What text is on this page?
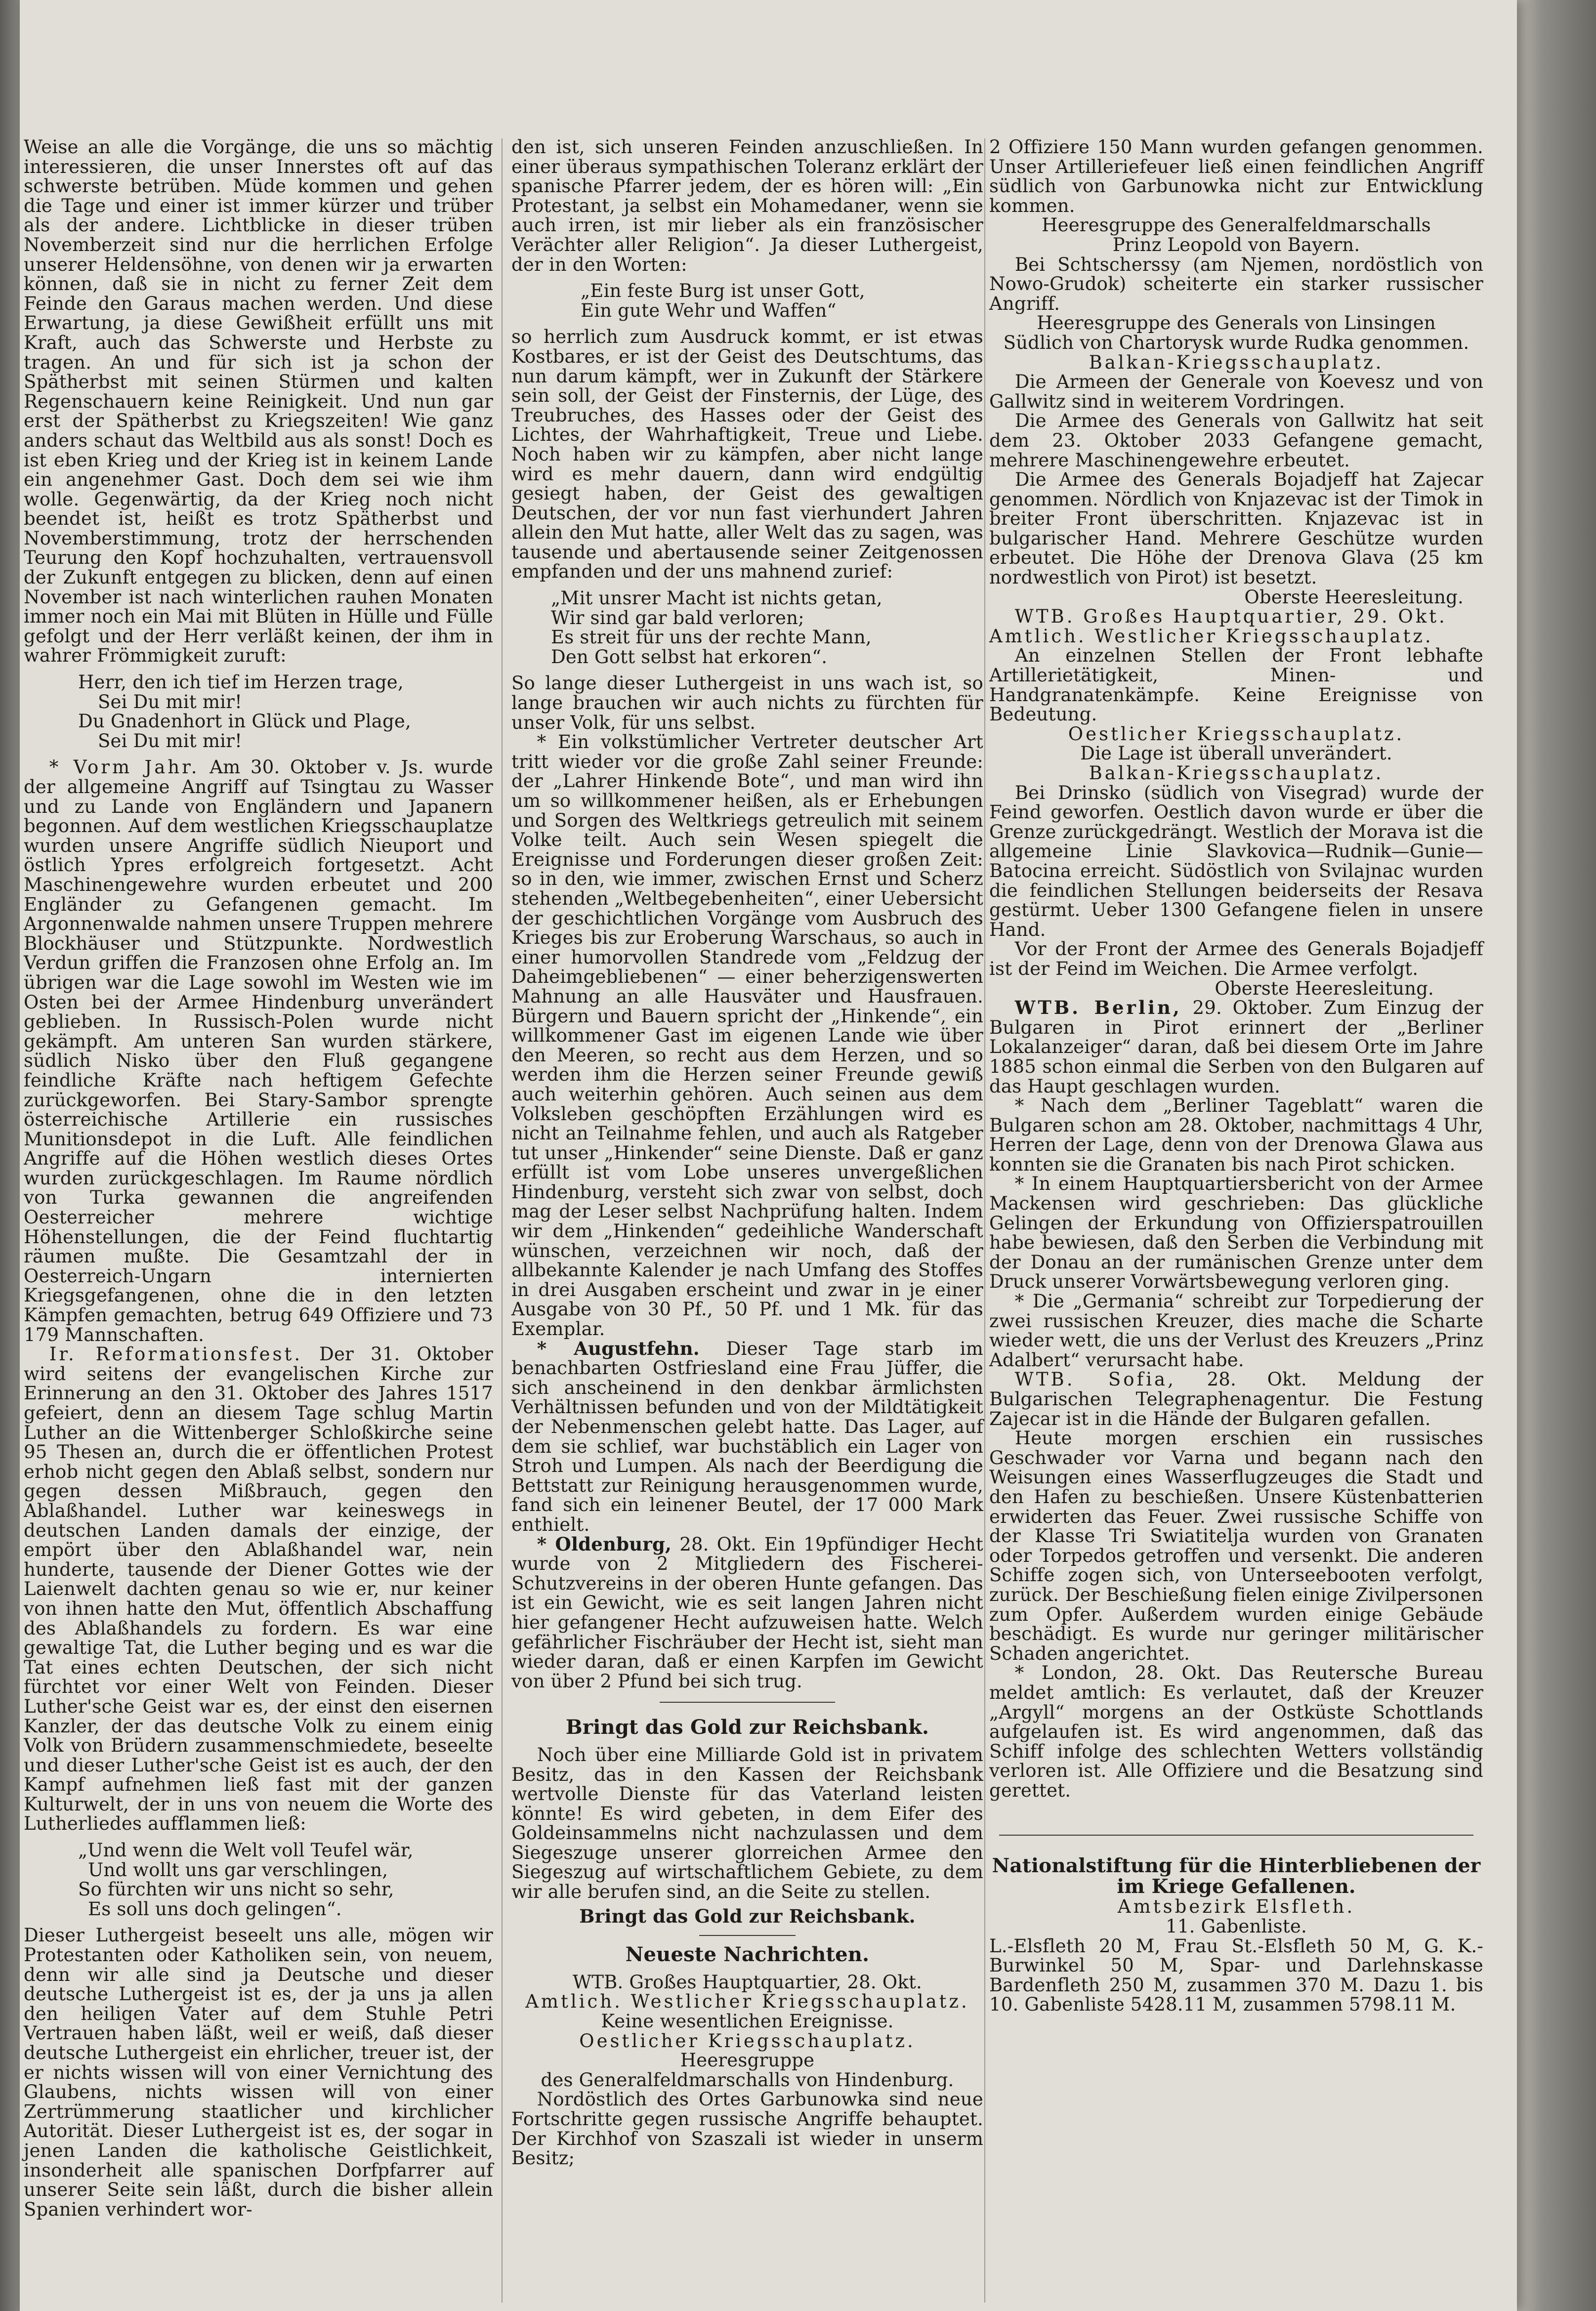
Weise an alle die Vorgänge, die uns so mächtig interessieren, die unser Innerstes oft auf das schwerste betrüben. Müde kommen und gehen die Tage und einer ist immer kürzer und trüber als der andere. Lichtblicke in dieser trüben Novemberzeit sind nur die herrlichen Erfolge unserer Heldensöhne, von denen wir ja erwarten können, daß sie in nicht zu ferner Zeit dem Feinde den Garaus machen werden. Und diese Erwartung, ja diese Gewißheit erfüllt uns mit Kraft, auch das Schwerste und Herbste zu tragen. An und für sich ist ja schon der Spätherbst mit seinen Stürmen und kalten Regenschauern keine Reinigkeit. Und nun gar erst der Spätherbst zu Kriegszeiten! Wie ganz anders schaut das Weltbild aus als sonst! Doch es ist eben Krieg und der Krieg ist in keinem Lande ein angenehmer Gast. Doch dem sei wie ihm wolle. Gegenwärtig, da der Krieg noch nicht beendet ist, heißt es trotz Spätherbst und Novemberstimmung, trotz der herrschenden Teurung den Kopf hochzuhalten, vertrauensvoll der Zukunft entgegen zu blicken, denn auf einen November ist nach winterlichen rauhen Monaten immer noch ein Mai mit Blüten in Hülle und Fülle gefolgt und der Herr verläßt keinen, der ihm in wahrer Frömmigkeit zuruft:

Herr, den ich tief im Herzen trage,
Sei Du mit mir!
Du Gnadenhort in Glück und Plage,
Sei Du mit mir!

* Vorm Jahr. Am 30. Oktober v. Js. wurde der allgemeine Angriff auf Tsingtau zu Wasser und zu Lande von Engländern und Japanern begonnen. Auf dem westlichen Kriegsschauplatze wurden unsere Angriffe südlich Nieuport und östlich Ypres erfolgreich fortgesetzt. Acht Maschinengewehre wurden erbeutet und 200 Engländer zu Gefangenen gemacht. Im Argonnenwalde nahmen unsere Truppen mehrere Blockhäuser und Stützpunkte. Nordwestlich Verdun griffen die Franzosen ohne Erfolg an. Im übrigen war die Lage sowohl im Westen wie im Osten bei der Armee Hindenburg unverändert geblieben. In Russisch-Polen wurde nicht gekämpft. Am unteren San wurden stärkere, südlich Nisko über den Fluß gegangene feindliche Kräfte nach heftigem Gefechte zurückgeworfen. Bei Stary-Sambor sprengte österreichische Artillerie ein russisches Munitionsdepot in die Luft. Alle feindlichen Angriffe auf die Höhen westlich dieses Ortes wurden zurückgeschlagen. Im Raume nördlich von Turka gewannen die angreifenden Oesterreicher mehrere wichtige Höhenstellungen, die der Feind fluchtartig räumen mußte. Die Gesamtzahl der in Oesterreich-Ungarn internierten Kriegsgefangenen, ohne die in den letzten Kämpfen gemachten, betrug 649 Offiziere und 73 179 Mannschaften.

Ir. Reformationsfest. Der 31. Oktober wird seitens der evangelischen Kirche zur Erinnerung an den 31. Oktober des Jahres 1517 gefeiert, denn an diesem Tage schlug Martin Luther an die Wittenberger Schloßkirche seine 95 Thesen an, durch die er öffentlichen Protest erhob nicht gegen den Ablaß selbst, sondern nur gegen dessen Mißbrauch, gegen den Ablaßhandel. Luther war keineswegs in deutschen Landen damals der einzige, der empört über den Ablaßhandel war, nein hunderte, tausende der Diener Gottes wie der Laienwelt dachten genau so wie er, nur keiner von ihnen hatte den Mut, öffentlich Abschaffung des Ablaßhandels zu fordern. Es war eine gewaltige Tat, die Luther beging und es war die Tat eines echten Deutschen, der sich nicht fürchtet vor einer Welt von Feinden. Dieser Luther'sche Geist war es, der einst den eisernen Kanzler, der das deutsche Volk zu einem einig Volk von Brüdern zusammenschmiedete, beseelte und dieser Luther'sche Geist ist es auch, der den Kampf aufnehmen ließ fast mit der ganzen Kulturwelt, der in uns von neuem die Worte des Lutherliedes aufflammen ließ:

„Und wenn die Welt voll Teufel wär,
Und wollt uns gar verschlingen,
So fürchten wir uns nicht so sehr,
Es soll uns doch gelingen“.

Dieser Luthergeist beseelt uns alle, mögen wir Protestanten oder Katholiken sein, von neuem, denn wir alle sind ja Deutsche und dieser deutsche Luthergeist ist es, der ja uns ja allen den heiligen Vater auf dem Stuhle Petri Vertrauen haben läßt, weil er weiß, daß dieser deutsche Luthergeist ein ehrlicher, treuer ist, der er nichts wissen will von einer Vernichtung des Glaubens, nichts wissen will von einer Zertrümmerung staatlicher und kirchlicher Autorität. Dieser Luthergeist ist es, der sogar in jenen Landen die katholische Geistlichkeit, insonderheit alle spanischen Dorfpfarrer auf unserer Seite sein läßt, durch die bisher allein Spanien verhindert wor-

den ist, sich unseren Feinden anzuschließen. In einer überaus sympathischen Toleranz erklärt der spanische Pfarrer jedem, der es hören will: „Ein Protestant, ja selbst ein Mohamedaner, wenn sie auch irren, ist mir lieber als ein französischer Verächter aller Religion“. Ja dieser Luthergeist, der in den Worten:

„Ein feste Burg ist unser Gott,
Ein gute Wehr und Waffen“

so herrlich zum Ausdruck kommt, er ist etwas Kostbares, er ist der Geist des Deutschtums, das nun darum kämpft, wer in Zukunft der Stärkere sein soll, der Geist der Finsternis, der Lüge, des Treubruches, des Hasses oder der Geist des Lichtes, der Wahrhaftigkeit, Treue und Liebe. Noch haben wir zu kämpfen, aber nicht lange wird es mehr dauern, dann wird endgültig gesiegt haben, der Geist des gewaltigen Deutschen, der vor nun fast vierhundert Jahren allein den Mut hatte, aller Welt das zu sagen, was tausende und abertausende seiner Zeitgenossen empfanden und der uns mahnend zurief:

„Mit unsrer Macht ist nichts getan,
Wir sind gar bald verloren;
Es streit für uns der rechte Mann,
Den Gott selbst hat erkoren“.

So lange dieser Luthergeist in uns wach ist, so lange brauchen wir auch nichts zu fürchten für unser Volk, für uns selbst.

* Ein volkstümlicher Vertreter deutscher Art tritt wieder vor die große Zahl seiner Freunde: der „Lahrer Hinkende Bote“, und man wird ihn um so willkommener heißen, als er Erhebungen und Sorgen des Weltkriegs getreulich mit seinem Volke teilt. Auch sein Wesen spiegelt die Ereignisse und Forderungen dieser großen Zeit: so in den, wie immer, zwischen Ernst und Scherz stehenden „Weltbegebenheiten“, einer Uebersicht der geschichtlichen Vorgänge vom Ausbruch des Krieges bis zur Eroberung Warschaus, so auch in einer humorvollen Standrede vom „Feldzug der Daheimgebliebenen“ — einer beherzigenswerten Mahnung an alle Hausväter und Hausfrauen. Bürgern und Bauern spricht der „Hinkende“, ein willkommener Gast im eigenen Lande wie über den Meeren, so recht aus dem Herzen, und so werden ihm die Herzen seiner Freunde gewiß auch weiterhin gehören. Auch seinen aus dem Volksleben geschöpften Erzählungen wird es nicht an Teilnahme fehlen, und auch als Ratgeber tut unser „Hinkender“ seine Dienste. Daß er ganz erfüllt ist vom Lobe unseres unvergeßlichen Hindenburg, versteht sich zwar von selbst, doch mag der Leser selbst Nachprüfung halten. Indem wir dem „Hinkenden“ gedeihliche Wanderschaft wünschen, verzeichnen wir noch, daß der allbekannte Kalender je nach Umfang des Stoffes in drei Ausgaben erscheint und zwar in je einer Ausgabe von 30 Pf., 50 Pf. und 1 Mk. für das Exemplar.

* Augustfehn. Dieser Tage starb im benachbarten Ostfriesland eine Frau Jüffer, die sich anscheinend in den denkbar ärmlichsten Verhältnissen befunden und von der Mildtätigkeit der Nebenmenschen gelebt hatte. Das Lager, auf dem sie schlief, war buchstäblich ein Lager von Stroh und Lumpen. Als nach der Beerdigung die Bettstatt zur Reinigung herausgenommen wurde, fand sich ein leinener Beutel, der 17 000 Mark enthielt.

* Oldenburg, 28. Okt. Ein 19pfündiger Hecht wurde von 2 Mitgliedern des Fischerei-Schutzvereins in der oberen Hunte gefangen. Das ist ein Gewicht, wie es seit langen Jahren nicht hier gefangener Hecht aufzuweisen hatte. Welch gefährlicher Fischräuber der Hecht ist, sieht man wieder daran, daß er einen Karpfen im Gewicht von über 2 Pfund bei sich trug.

Bringt das Gold zur Reichsbank.

Noch über eine Milliarde Gold ist in privatem Besitz, das in den Kassen der Reichsbank wertvolle Dienste für das Vaterland leisten könnte! Es wird gebeten, in dem Eifer des Goldeinsammelns nicht nachzulassen und dem Siegeszuge unserer glorreichen Armee den Siegeszug auf wirtschaftlichem Gebiete, zu dem wir alle berufen sind, an die Seite zu stellen.

Bringt das Gold zur Reichsbank.

Neueste Nachrichten.

WTB. Großes Hauptquartier, 28. Okt.

Amtlich. Westlicher Kriegsschauplatz.

Keine wesentlichen Ereignisse.

Oestlicher Kriegsschauplatz.

Heeresgruppe

des Generalfeldmarschalls von Hindenburg.

Nordöstlich des Ortes Garbunowka sind neue Fortschritte gegen russische Angriffe behauptet. Der Kirchhof von Szaszali ist wieder in unserm Besitz;

2 Offiziere 150 Mann wurden gefangen genommen. Unser Artilleriefeuer ließ einen feindlichen Angriff südlich von Garbunowka nicht zur Entwicklung kommen.

Heeresgruppe des Generalfeldmarschalls

Prinz Leopold von Bayern.

Bei Schtscherssy (am Njemen, nordöstlich von Nowo-Grudok) scheiterte ein starker russischer Angriff.

Heeresgruppe des Generals von Linsingen

Südlich von Chartorysk wurde Rudka genommen.

Balkan-Kriegsschauplatz.

Die Armeen der Generale von Koevesz und von Gallwitz sind in weiterem Vordringen.

Die Armee des Generals von Gallwitz hat seit dem 23. Oktober 2033 Gefangene gemacht, mehrere Maschinengewehre erbeutet.

Die Armee des Generals Bojadjeff hat Zajecar genommen. Nördlich von Knjazevac ist der Timok in breiter Front überschritten. Knjazevac ist in bulgarischer Hand. Mehrere Geschütze wurden erbeutet. Die Höhe der Drenova Glava (25 km nordwestlich von Pirot) ist besetzt.

Oberste Heeresleitung.

WTB. Großes Hauptquartier, 29. Okt.

Amtlich. Westlicher Kriegsschauplatz.

An einzelnen Stellen der Front lebhafte Artillerietätigkeit, Minen- und Handgranatenkämpfe. Keine Ereignisse von Bedeutung.

Oestlicher Kriegsschauplatz.

Die Lage ist überall unverändert.

Balkan-Kriegsschauplatz.

Bei Drinsko (südlich von Visegrad) wurde der Feind geworfen. Oestlich davon wurde er über die Grenze zurückgedrängt. Westlich der Morava ist die allgemeine Linie Slavkovica—Rudnik—Gunie—Batocina erreicht. Südöstlich von Svilajnac wurden die feindlichen Stellungen beiderseits der Resava gestürmt. Ueber 1300 Gefangene fielen in unsere Hand.

Vor der Front der Armee des Generals Bojadjeff ist der Feind im Weichen. Die Armee verfolgt.

Oberste Heeresleitung.

WTB. Berlin, 29. Oktober. Zum Einzug der Bulgaren in Pirot erinnert der „Berliner Lokalanzeiger“ daran, daß bei diesem Orte im Jahre 1885 schon einmal die Serben von den Bulgaren auf das Haupt geschlagen wurden.

* Nach dem „Berliner Tageblatt“ waren die Bulgaren schon am 28. Oktober, nachmittags 4 Uhr, Herren der Lage, denn von der Drenowa Glawa aus konnten sie die Granaten bis nach Pirot schicken.

* In einem Hauptquartiersbericht von der Armee Mackensen wird geschrieben: Das glückliche Gelingen der Erkundung von Offizierspatrouillen habe bewiesen, daß den Serben die Verbindung mit der Donau an der rumänischen Grenze unter dem Druck unserer Vorwärtsbewegung verloren ging.

* Die „Germania“ schreibt zur Torpedierung der zwei russischen Kreuzer, dies mache die Scharte wieder wett, die uns der Verlust des Kreuzers „Prinz Adalbert“ verursacht habe.

WTB. Sofia, 28. Okt. Meldung der Bulgarischen Telegraphenagentur. Die Festung Zajecar ist in die Hände der Bulgaren gefallen.

Heute morgen erschien ein russisches Geschwader vor Varna und begann nach den Weisungen eines Wasserflugzeuges die Stadt und den Hafen zu beschießen. Unsere Küstenbatterien erwiderten das Feuer. Zwei russische Schiffe von der Klasse Tri Swiatitelja wurden von Granaten oder Torpedos getroffen und versenkt. Die anderen Schiffe zogen sich, von Unterseebooten verfolgt, zurück. Der Beschießung fielen einige Zivilpersonen zum Opfer. Außerdem wurden einige Gebäude beschädigt. Es wurde nur geringer militärischer Schaden angerichtet.

* London, 28. Okt. Das Reutersche Bureau meldet amtlich: Es verlautet, daß der Kreuzer „Argyll“ morgens an der Ostküste Schottlands aufgelaufen ist. Es wird angenommen, daß das Schiff infolge des schlechten Wetters vollständig verloren ist. Alle Offiziere und die Besatzung sind gerettet.

Nationalstiftung für die Hinterbliebenen der
im Kriege Gefallenen.

Amtsbezirk Elsfleth.

11. Gabenliste.

L.-Elsfleth 20 M, Frau St.-Elsfleth 50 M, G. K.-Burwinkel 50 M, Spar- und Darlehnskasse Bardenfleth 250 M, zusammen 370 M. Dazu 1. bis 10. Gabenliste 5428.11 M, zusammen 5798.11 M.
